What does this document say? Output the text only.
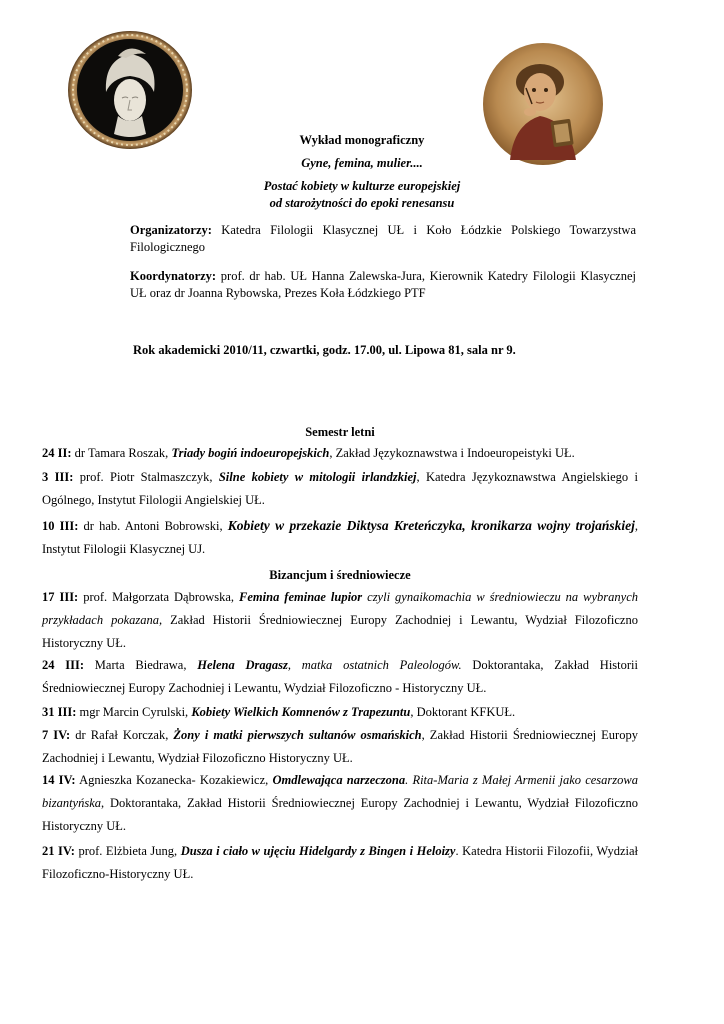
Wykład monograficzny
Gyne, femina, mulier....
Postać kobiety w kulturze europejskiej
od starożytności do epoki renesansu
Organizatorzy: Katedra Filologii Klasycznej UŁ i Koło Łódzkie Polskiego Towarzystwa Filologicznego
Koordynatorzy: prof. dr hab. UŁ Hanna Zalewska-Jura, Kierownik Katedry Filologii Klasycznej UŁ oraz dr Joanna Rybowska, Prezes Koła Łódzkiego PTF
Rok akademicki 2010/11, czwartki, godz. 17.00, ul. Lipowa 81, sala nr 9.
Semestr letni
24 II: dr Tamara Roszak, Triady bogiń indoeuropejskich, Zakład Językoznawstwa i Indoeuropeistyki UŁ.
3 III: prof. Piotr Stalmaszczyk, Silne kobiety w mitologii irlandzkiej, Katedra Językoznawstwa Angielskiego i Ogólnego, Instytut Filologii Angielskiej UŁ.
10 III: dr hab. Antoni Bobrowski, Kobiety w przekazie Diktysa Kreteńczyka, kronikarza wojny trojańskiej, Instytut Filologii Klasycznej UJ.
Bizancjum i średniowiecze
17 III: prof. Małgorzata Dąbrowska, Femina feminae lupior czyli gynaikomachia w średniowieczu na wybranych przykładach pokazana, Zakład Historii Średniowiecznej Europy Zachodniej i Lewantu, Wydział Filozoficzno Historyczny UŁ.
24 III: Marta Biedrawa, Helena Dragasz, matka ostatnich Paleologów. Doktorantaka, Zakład Historii Średniowiecznej Europy Zachodniej i Lewantu, Wydział Filozoficzno - Historyczny UŁ.
31 III: mgr Marcin Cyrulski, Kobiety Wielkich Komnenów z Trapezuntu, Doktorant KFKUŁ.
7 IV: dr Rafał Korczak, Żony i matki pierwszych sultanów osmańskich, Zakład Historii Średniowiecznej Europy Zachodniej i Lewantu, Wydział Filozoficzno Historyczny UŁ.
14 IV: Agnieszka Kozanecka- Kozakiewicz, Omdlewająca narzeczona. Rita-Maria z Małej Armenii jako cesarzowa bizantyńska, Doktorantaka, Zakład Historii Średniowiecznej Europy Zachodniej i Lewantu, Wydział Filozoficzno Historyczny UŁ.
21 IV: prof. Elżbieta Jung, Dusza i ciało w ujęciu Hidelgardy z Bingen i Heloizy. Katedra Historii Filozofii, Wydział Filozoficzno-Historyczny UŁ.
